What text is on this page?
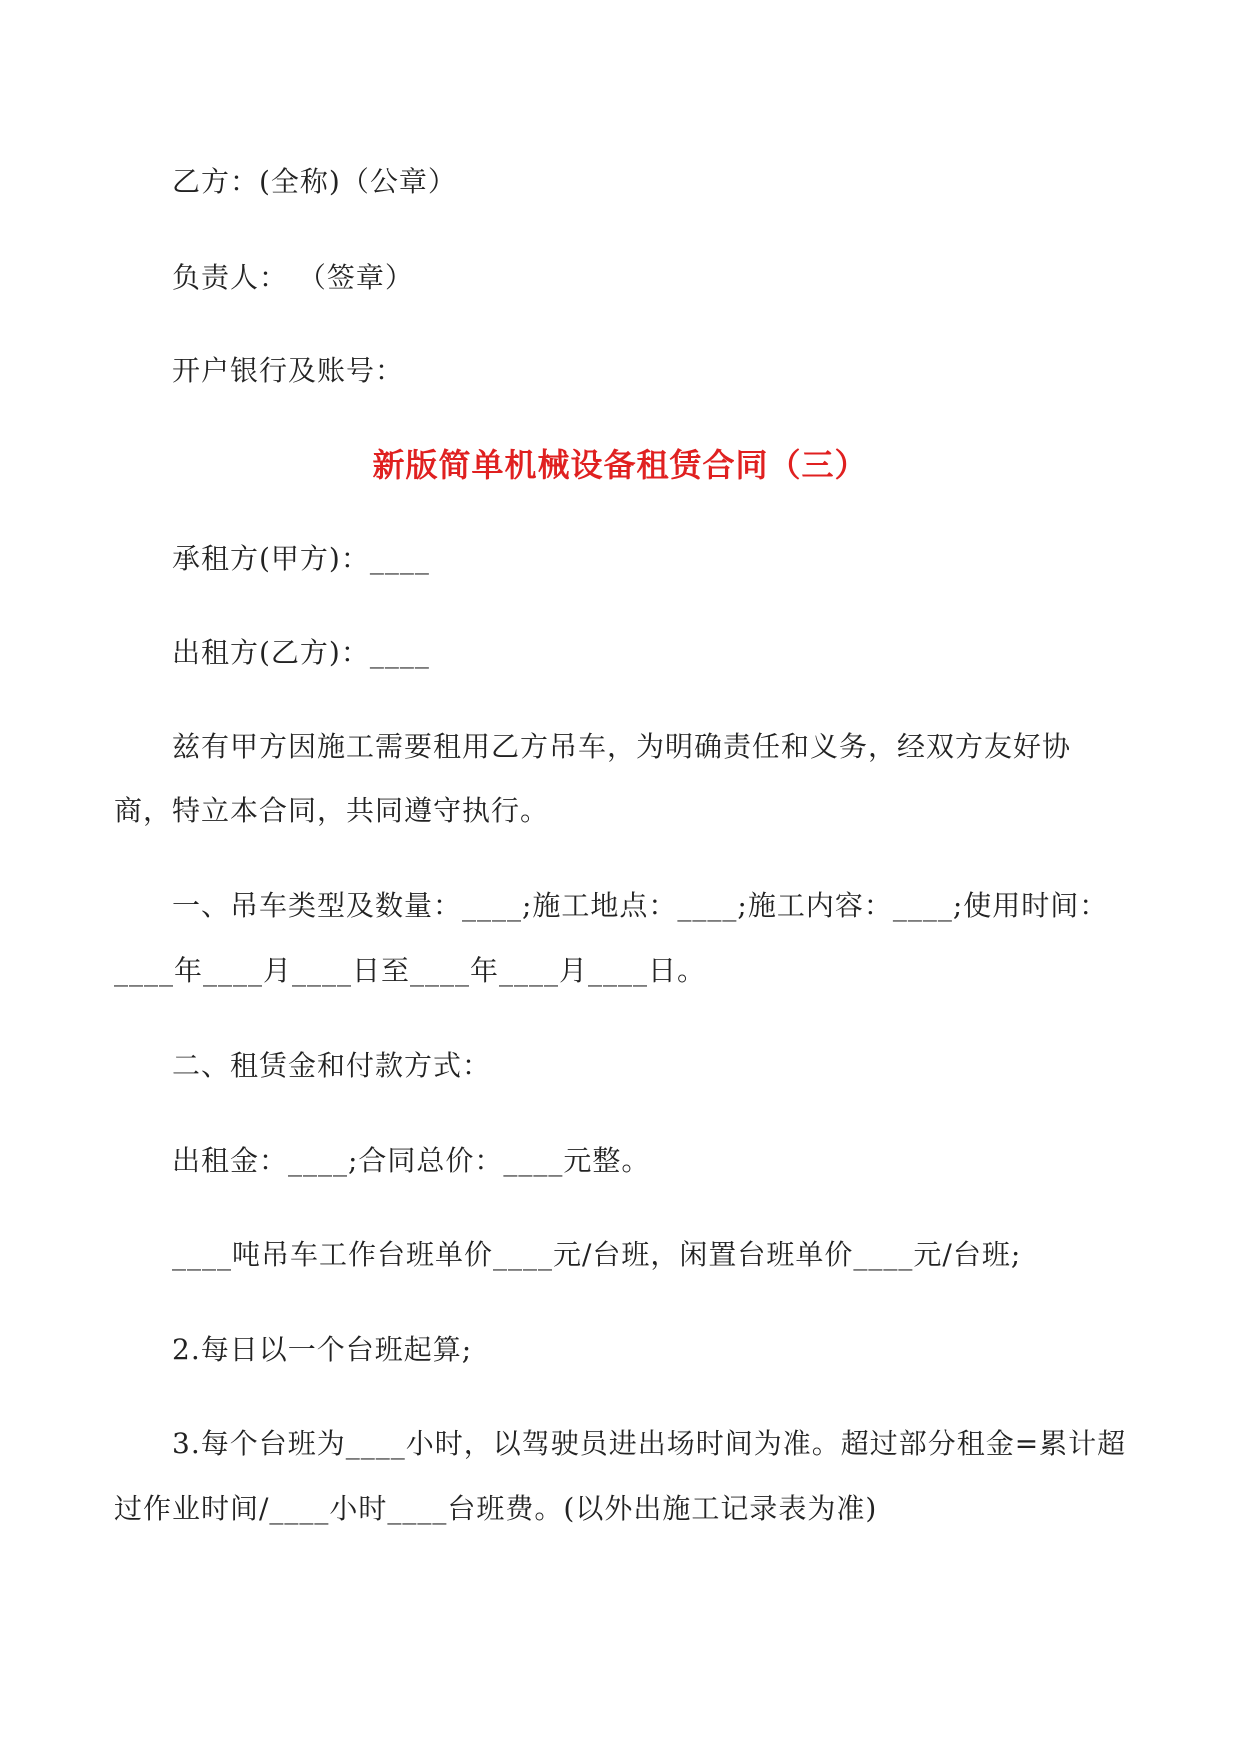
乙方：(全称)（公章）
负责人： （签章）
开户银行及账号：
新版简单机械设备租赁合同（三）
承租方(甲方)：____
出租方(乙方)：____
兹有甲方因施工需要租用乙方吊车，为明确责任和义务，经双方友好协
商，特立本合同，共同遵守执行。
一、吊车类型及数量：____;施工地点：____;施工内容：____;使用时间：
____年____月____日至____年____月____日。
二、租赁金和付款方式：
出租金：____;合同总价：____元整。
____吨吊车工作台班单价____元/台班，闲置台班单价____元/台班;
2.每日以一个台班起算;
3.每个台班为____小时，以驾驶员进出场时间为准。超过部分租金=累计超
过作业时间/____小时____台班费。(以外出施工记录表为准)
